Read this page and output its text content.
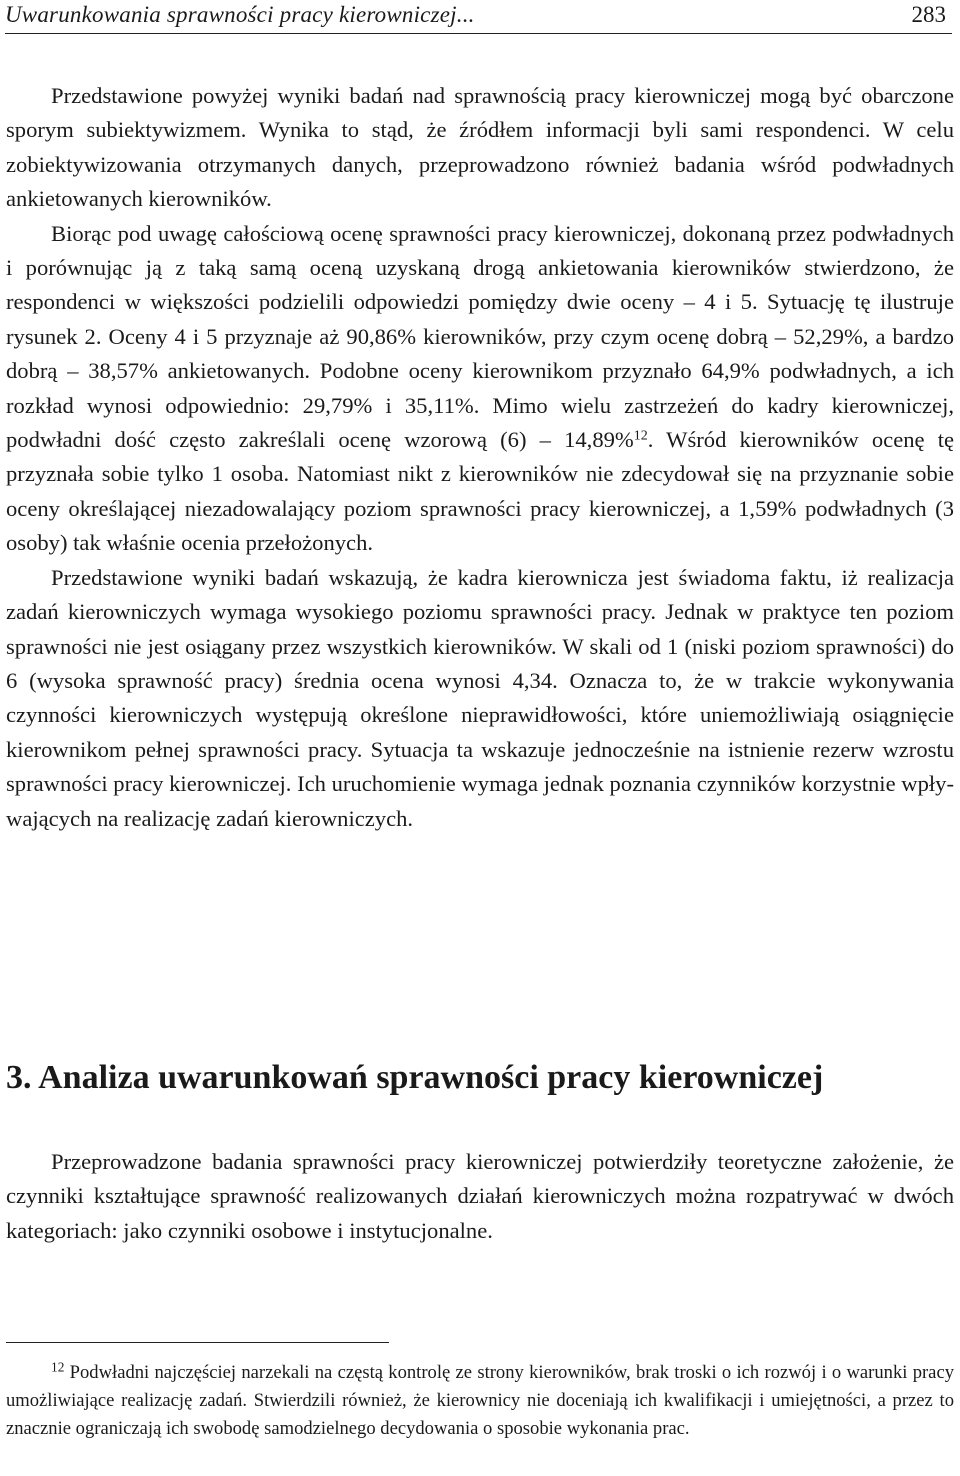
Uwarunkowania sprawności pracy kierowniczej...	283

Przedstawione powyżej wyniki badań nad sprawnością pracy kierowniczej mogą być obarczone sporym subiektywizmem. Wynika to stąd, że źródłem informacji byli sami respondenci. W celu zobiektywizowania otrzymanych danych, przeprowadzono również badania wśród podwładnych ankietowanych kierowników.

Biorąc pod uwagę całościową ocenę sprawności pracy kierowniczej, dokonaną przez podwładnych i porównując ją z taką samą oceną uzyskaną drogą ankietowania kierowników stwierdzono, że respondenci w większości podzielili odpowiedzi pomiędzy dwie oceny – 4 i 5. Sytuację tę ilustruje rysunek 2. Oceny 4 i 5 przyznaje aż 90,86% kierowników, przy czym ocenę dobrą – 52,29%, a bardzo dobrą – 38,57% ankietowanych. Podobne oceny kierownikom przyznało 64,9% podwładnych, a ich rozkład wynosi odpowiednio: 29,79% i 35,11%. Mimo wielu zastrzeżeń do kadry kierowniczej, podwładni dość często zakreślali ocenę wzorową (6) – 14,89%$^{12}$. Wśród kierowników ocenę tę przyznała sobie tylko 1 osoba. Natomiast nikt z kierowników nie zdecydował się na przyznanie sobie oceny określającej niezadowalający poziom sprawności pracy kierowniczej, a 1,59% podwładnych (3 osoby) tak właśnie ocenia przełożonych.

Przedstawione wyniki badań wskazują, że kadra kierownicza jest świadoma faktu, iż realizacja zadań kierowniczych wymaga wysokiego poziomu sprawności pracy. Jednak w praktyce ten poziom sprawności nie jest osiągany przez wszystkich kierowników. W skali od 1 (niski poziom sprawności) do 6 (wysoka sprawność pracy) średnia ocena wynosi 4,34. Oznacza to, że w trakcie wykonywania czynności kierowniczych występują określone nieprawidłowości, które uniemożliwiają osiągnięcie kierownikom pełnej sprawności pracy. Sytuacja ta wskazuje jednocześnie na istnienie rezerw wzrostu sprawności pracy kierowniczej. Ich uruchomienie wymaga jednak poznania czynników korzystnie wpływających na realizację zadań kierowniczych.

3. Analiza uwarunkowań sprawności pracy kierowniczej

Przeprowadzone badania sprawności pracy kierowniczej potwierdziły teoretyczne założenie, że czynniki kształtujące sprawność realizowanych działań kierowniczych można rozpatrywać w dwóch kategoriach: jako czynniki osobowe i instytucjonalne.

$^{12}$ Podwładni najczęściej narzekali na częstą kontrolę ze strony kierowników, brak troski o ich rozwój i o warunki pracy umożliwiające realizację zadań. Stwierdzili również, że kierownicy nie doceniają ich kwalifikacji i umiejętności, a przez to znacznie ograniczają ich swobodę samodzielnego decydowania o sposobie wykonania prac.
